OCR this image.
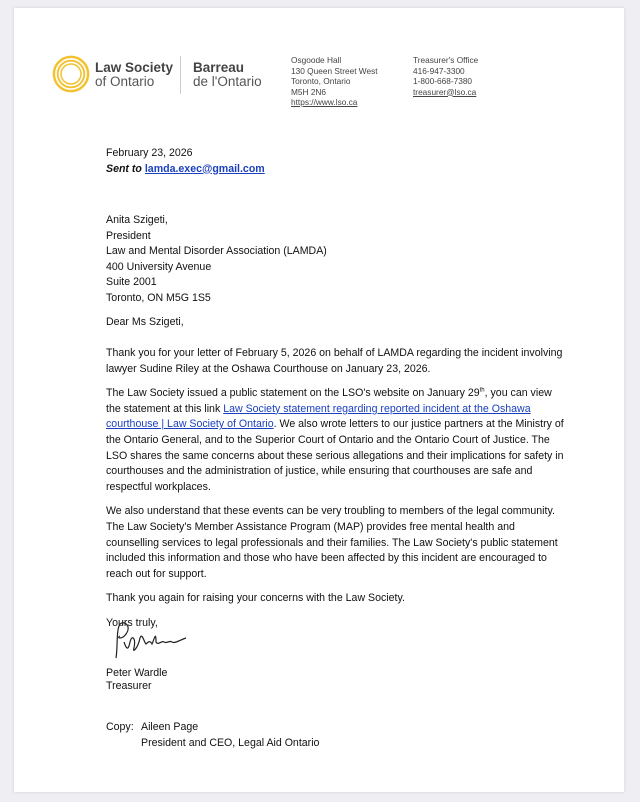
Law Society
of Ontario
Barreau
de l'Ontario
Osgoode Hall
130 Queen Street West
Toronto, Ontario
M5H 2N6
https://www.lso.ca
Treasurer's Office
416-947-3300
1-800-668-7380
treasurer@lso.ca
February 23, 2026
Sent to lamda.exec@gmail.com
Anita Szigeti,
President
Law and Mental Disorder Association (LAMDA)
400 University Avenue
Suite 2001
Toronto, ON M5G 1S5
Dear Ms Szigeti,

Thank you for your letter of February 5, 2026 on behalf of LAMDA regarding the incident involving lawyer Sudine Riley at the Oshawa Courthouse on January 23, 2026.

The Law Society issued a public statement on the LSO's website on January 29th, you can view the statement at this link Law Society statement regarding reported incident at the Oshawa courthouse | Law Society of Ontario. We also wrote letters to our justice partners at the Ministry of the Ontario General, and to the Superior Court of Ontario and the Ontario Court of Justice. The LSO shares the same concerns about these serious allegations and their implications for safety in courthouses and the administration of justice, while ensuring that courthouses are safe and respectful workplaces.

We also understand that these events can be very troubling to members of the legal community. The Law Society's Member Assistance Program (MAP) provides free mental health and counselling services to legal professionals and their families. The Law Society's public statement included this information and those who have been affected by this incident are encouraged to reach out for support.

Thank you again for raising your concerns with the Law Society.

Yours truly,

Peter Wardle
Treasurer
Copy: Aileen Page
President and CEO, Legal Aid Ontario
